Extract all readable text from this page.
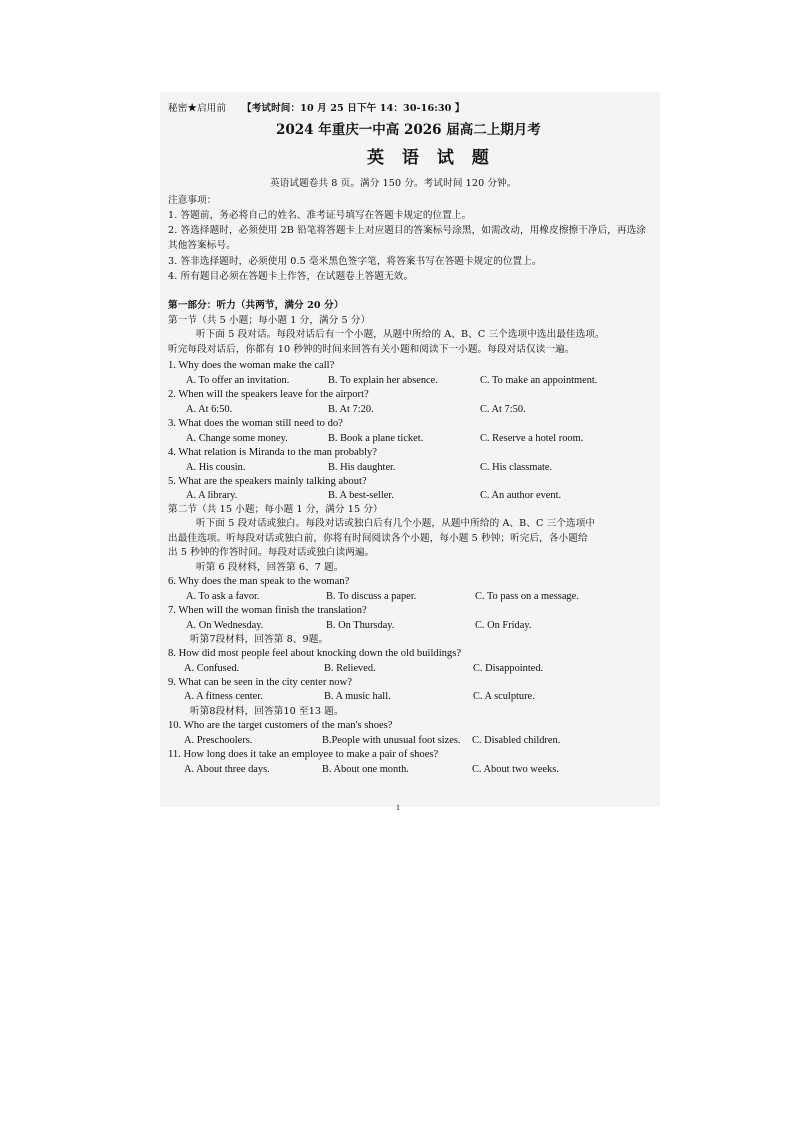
秘密★启用前 【考试时间：10 月 25 日下午 14：30-16:30 】
2024 年重庆一中高 2026 届高二上期月考
英 语 试 题
英语试题卷共 8 页。满分 150 分。考试时间 120 分钟。
注意事项：
1. 答题前，务必将自己的姓名、准考证号填写在答题卡规定的位置上。
2. 答选择题时，必须使用 2B 铅笔将答题卡上对应题目的答案标号涂黑，如需改动，用橡皮擦擦干净后，再选涂
其他答案标号。
3. 答非选择题时，必须使用 0.5 毫米黑色签字笔，将答案书写在答题卡规定的位置上。
4. 所有题目必须在答题卡上作答，在试题卷上答题无效。
第一部分：听力（共两节，满分 20 分）
第一节（共 5 小题；每小题 1 分，满分 5 分）
听下面 5 段对话。每段对话后有一个小题，从题中所给的 A、B、C 三个选项中选出最佳选项。
听完每段对话后，你都有 10 秒钟的时间来回答有关小题和阅读下一小题。每段对话仅读一遍。
1. Why does the woman make the call?
A. To offer an invitation.	B. To explain her absence.	C. To make an appointment.
2. When will the speakers leave for the airport?
A. At 6:50.	B. At 7:20.	C. At 7:50.
3. What does the woman still need to do?
A. Change some money.	B. Book a plane ticket.	C. Reserve a hotel room.
4. What relation is Miranda to the man probably?
A. His cousin.	B. His daughter.	C. His classmate.
5. What are the speakers mainly talking about?
A. A library.	B. A best-seller.	C. An author event.
第二节（共 15 小题；每小题 1 分，满分 15 分）
听下面 5 段对话或独白。每段对话或独白后有几个小题，从题中所给的 A、B、C 三个选项中
出最佳选项。听每段对话或独白前，你将有时间阅读各个小题，每小题 5 秒钟；听完后，各小题给
出 5 秒钟的作答时间。每段对话或独白读两遍。
听第 6 段材料，回答第 6、7 题。
6. Why does the man speak to the woman?
A. To ask a favor.	B. To discuss a paper.	C. To pass on a message.
7. When will the woman finish the translation?
A. On Wednesday.	B. On Thursday.	C. On Friday.
听第7段材料，回答第 8、9题。
8. How did most people feel about knocking down the old buildings?
A. Confused.	B. Relieved.	C. Disappointed.
9. What can be seen in the city center now?
A. A fitness center.	B. A music hall.	C. A sculpture.
听第8段材料，回答第10 至13 题。
10. Who are the target customers of the man's shoes?
A. Preschoolers.	B.People with unusual foot sizes. C. Disabled children.
11. How long does it take an employee to make a pair of shoes?
A. About three days.	B. About one month.	C. About two weeks.
1
